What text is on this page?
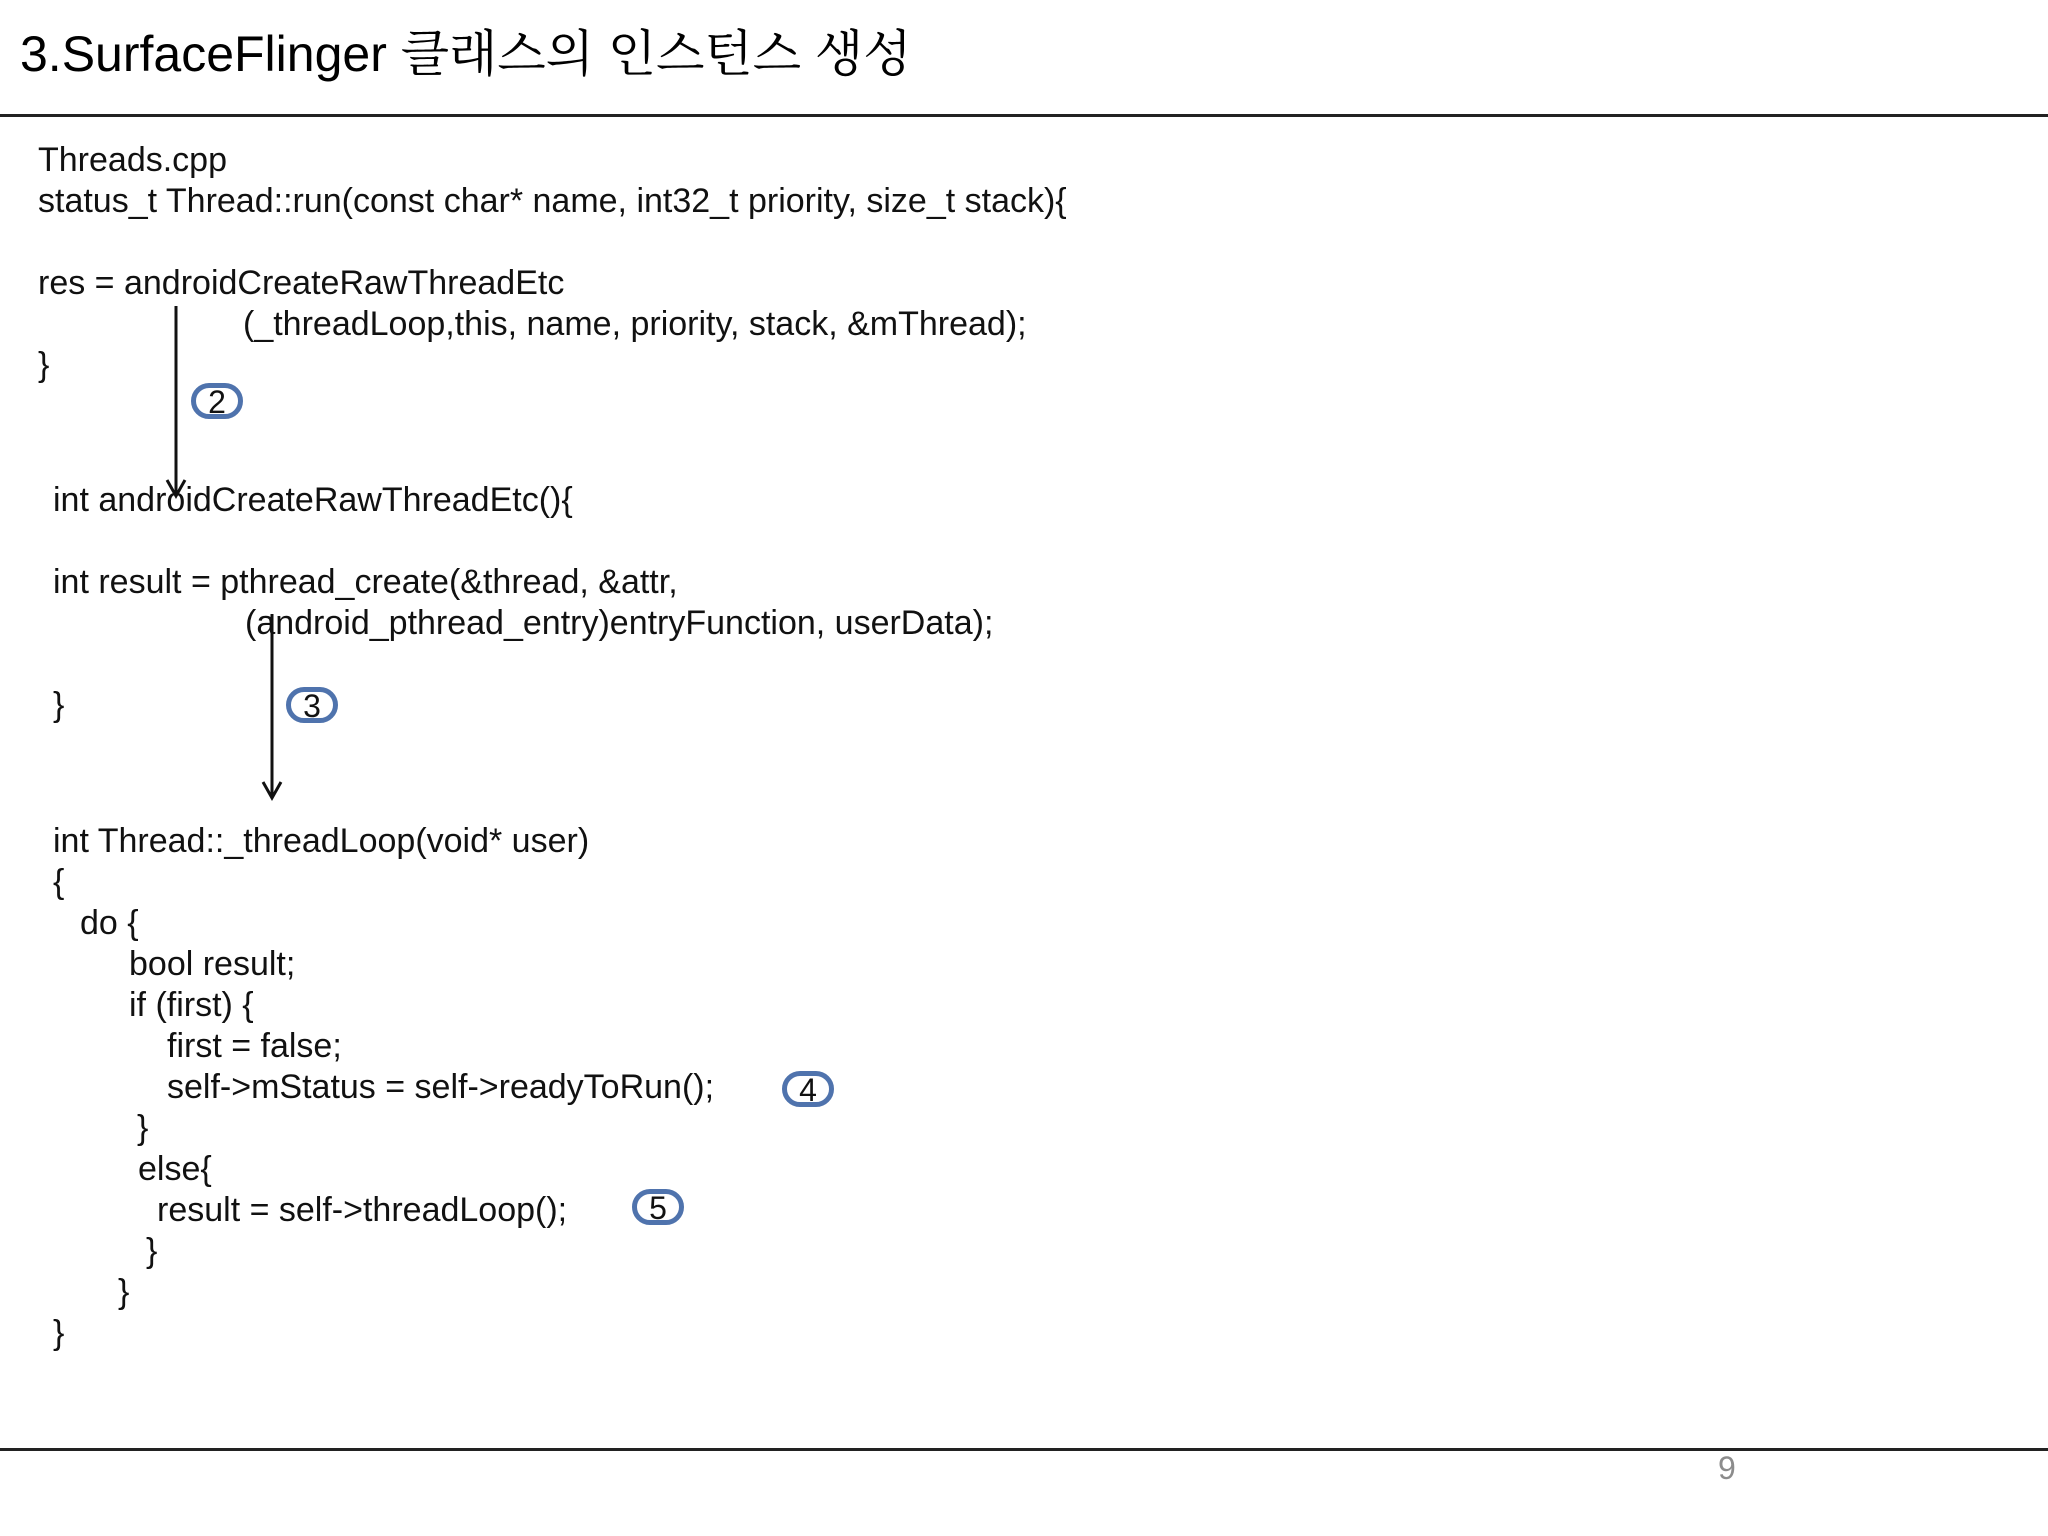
3.SurfaceFlinger 클래스의 인스턴스 생성
Threads.cpp
status_t Thread::run(const char* name, int32_t priority, size_t stack){
res = androidCreateRawThreadEtc
(_threadLoop,this, name, priority, stack, &mThread);
}
2
int androidCreateRawThreadEtc(){
int result = pthread_create(&thread, &attr,
(android_pthread_entry)entryFunction, userData);
}	3
int Thread::_threadLoop(void* user)
{
do {
bool result;
if (first) {
first = false;
self->mStatus = self->readyToRun();
}
else{
result = self->threadLoop();
}
}
}
4
5
9
